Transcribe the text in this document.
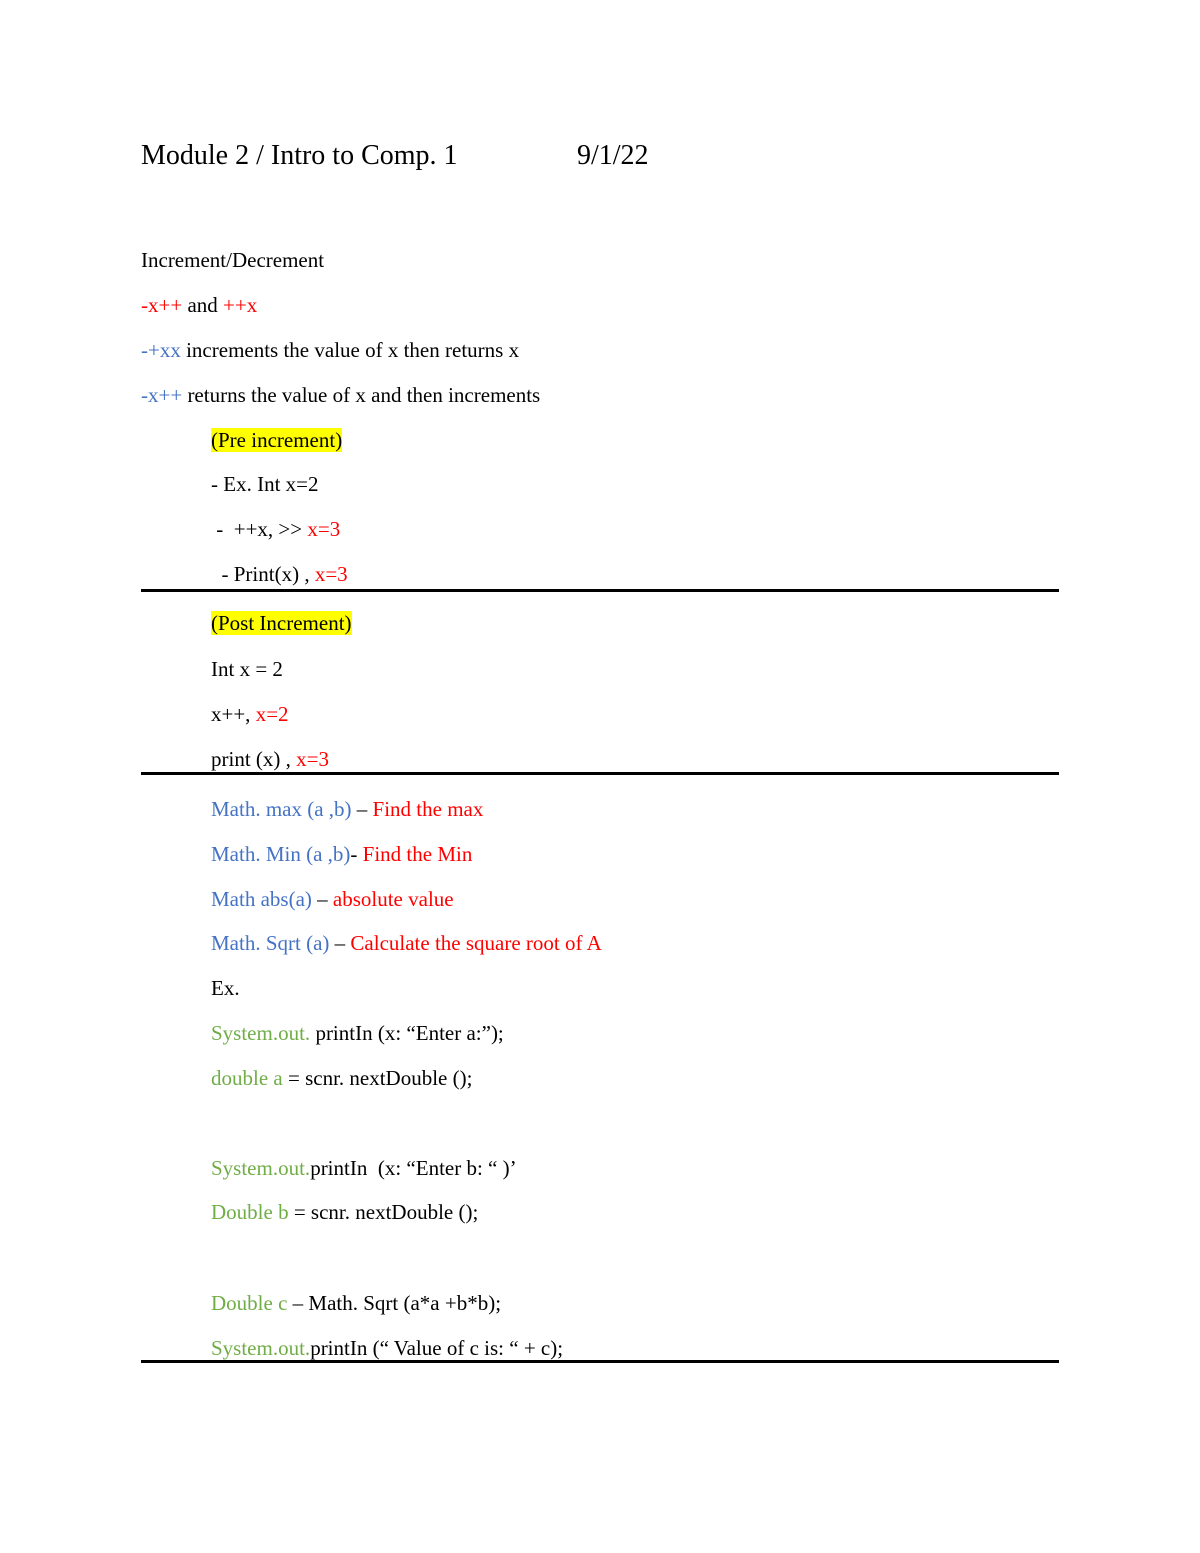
Module 2 / Intro to Comp. 1	9/1/22
Increment/Decrement
-x++ and ++x
-+xx increments the value of x then returns x
-x++ returns the value of x and then increments
(Pre increment)
- Ex. Int x=2
-  ++x, >> x=3
- Print(x) , x=3
(Post Increment)
Int x = 2
x++, x=2
print (x) , x=3
Math. max (a ,b) – Find the max
Math. Min (a ,b)- Find the Min
Math abs(a) – absolute value
Math. Sqrt (a) – Calculate the square root of A
Ex.
System.out. printIn (x: “Enter a:”);
double a = scnr. nextDouble ();
System.out.printIn  (x: “Enter b: “ )’
Double b = scnr. nextDouble ();
Double c – Math. Sqrt (a*a +b*b);
System.out.printIn (“ Value of c is: “ + c);
